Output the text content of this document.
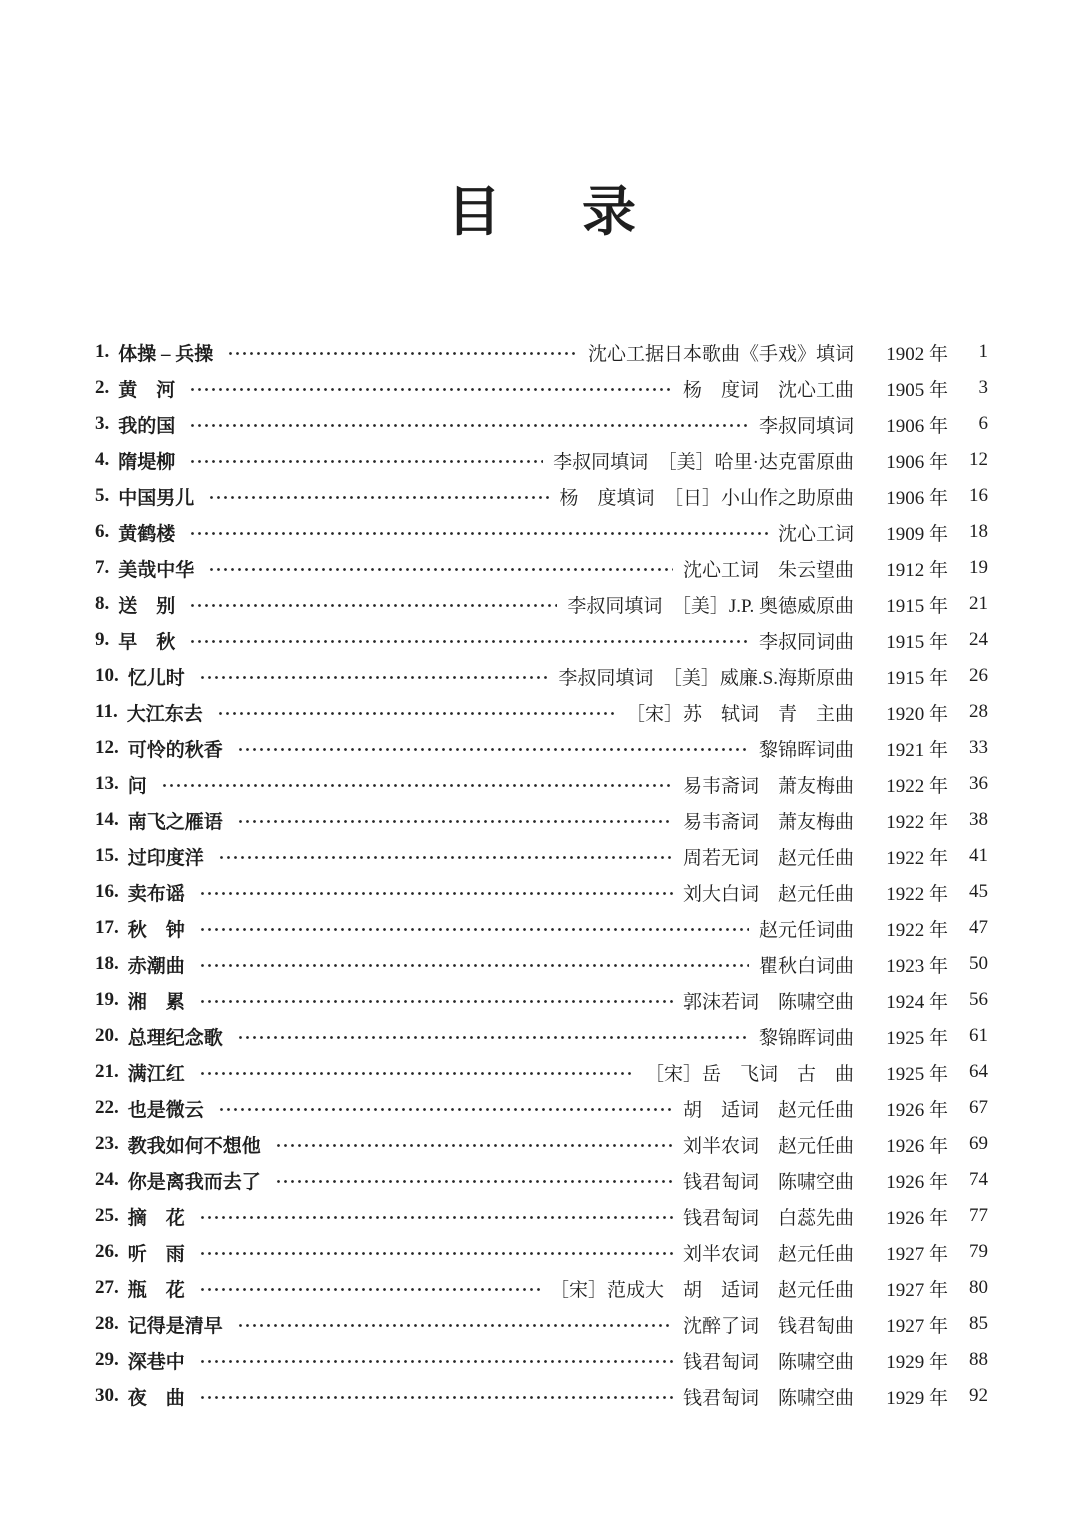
目　 录
1. 体操 – 兵操	沈心工据日本歌曲《手戏》填词	1902 年	1
2. 黄　河	杨　度词　沈心工曲	1905 年	3
3. 我的国	李叔同填词	1906 年	6
4. 隋堤柳	李叔同填词　［美］哈里·达克雷原曲	1906 年	12
5. 中国男儿	杨　度填词　［日］小山作之助原曲	1906 年	16
6. 黄鹤楼	沈心工词	1909 年	18
7. 美哉中华	沈心工词　朱云望曲	1912 年	19
8. 送　别	李叔同填词　［美］J.P. 奥德威原曲	1915 年	21
9. 早　秋	李叔同词曲	1915 年	24
10. 忆儿时	李叔同填词　［美］威廉.S.海斯原曲	1915 年	26
11. 大江东去	［宋］苏　轼词　青　主曲	1920 年	28
12. 可怜的秋香	黎锦晖词曲	1921 年	33
13. 问	易韦斋词　萧友梅曲	1922 年	36
14. 南飞之雁语	易韦斋词　萧友梅曲	1922 年	38
15. 过印度洋	周若无词　赵元任曲	1922 年	41
16. 卖布谣	刘大白词　赵元任曲	1922 年	45
17. 秋　钟	赵元任词曲	1922 年	47
18. 赤潮曲	瞿秋白词曲	1923 年	50
19. 湘　累	郭沫若词　陈啸空曲	1924 年	56
20. 总理纪念歌	黎锦晖词曲	1925 年	61
21. 满江红	［宋］岳　飞词　古　曲	1925 年	64
22. 也是微云	胡　适词　赵元任曲	1926 年	67
23. 教我如何不想他	刘半农词　赵元任曲	1926 年	69
24. 你是离我而去了	钱君匋词　陈啸空曲	1926 年	74
25. 摘　花	钱君匋词　白蕊先曲	1926 年	77
26. 听　雨	刘半农词　赵元任曲	1927 年	79
27. 瓶　花	［宋］范成大　胡　适词　赵元任曲	1927 年	80
28. 记得是清早	沈醉了词　钱君匋曲	1927 年	85
29. 深巷中	钱君匋词　陈啸空曲	1929 年	88
30. 夜　曲	钱君匋词　陈啸空曲	1929 年	92
